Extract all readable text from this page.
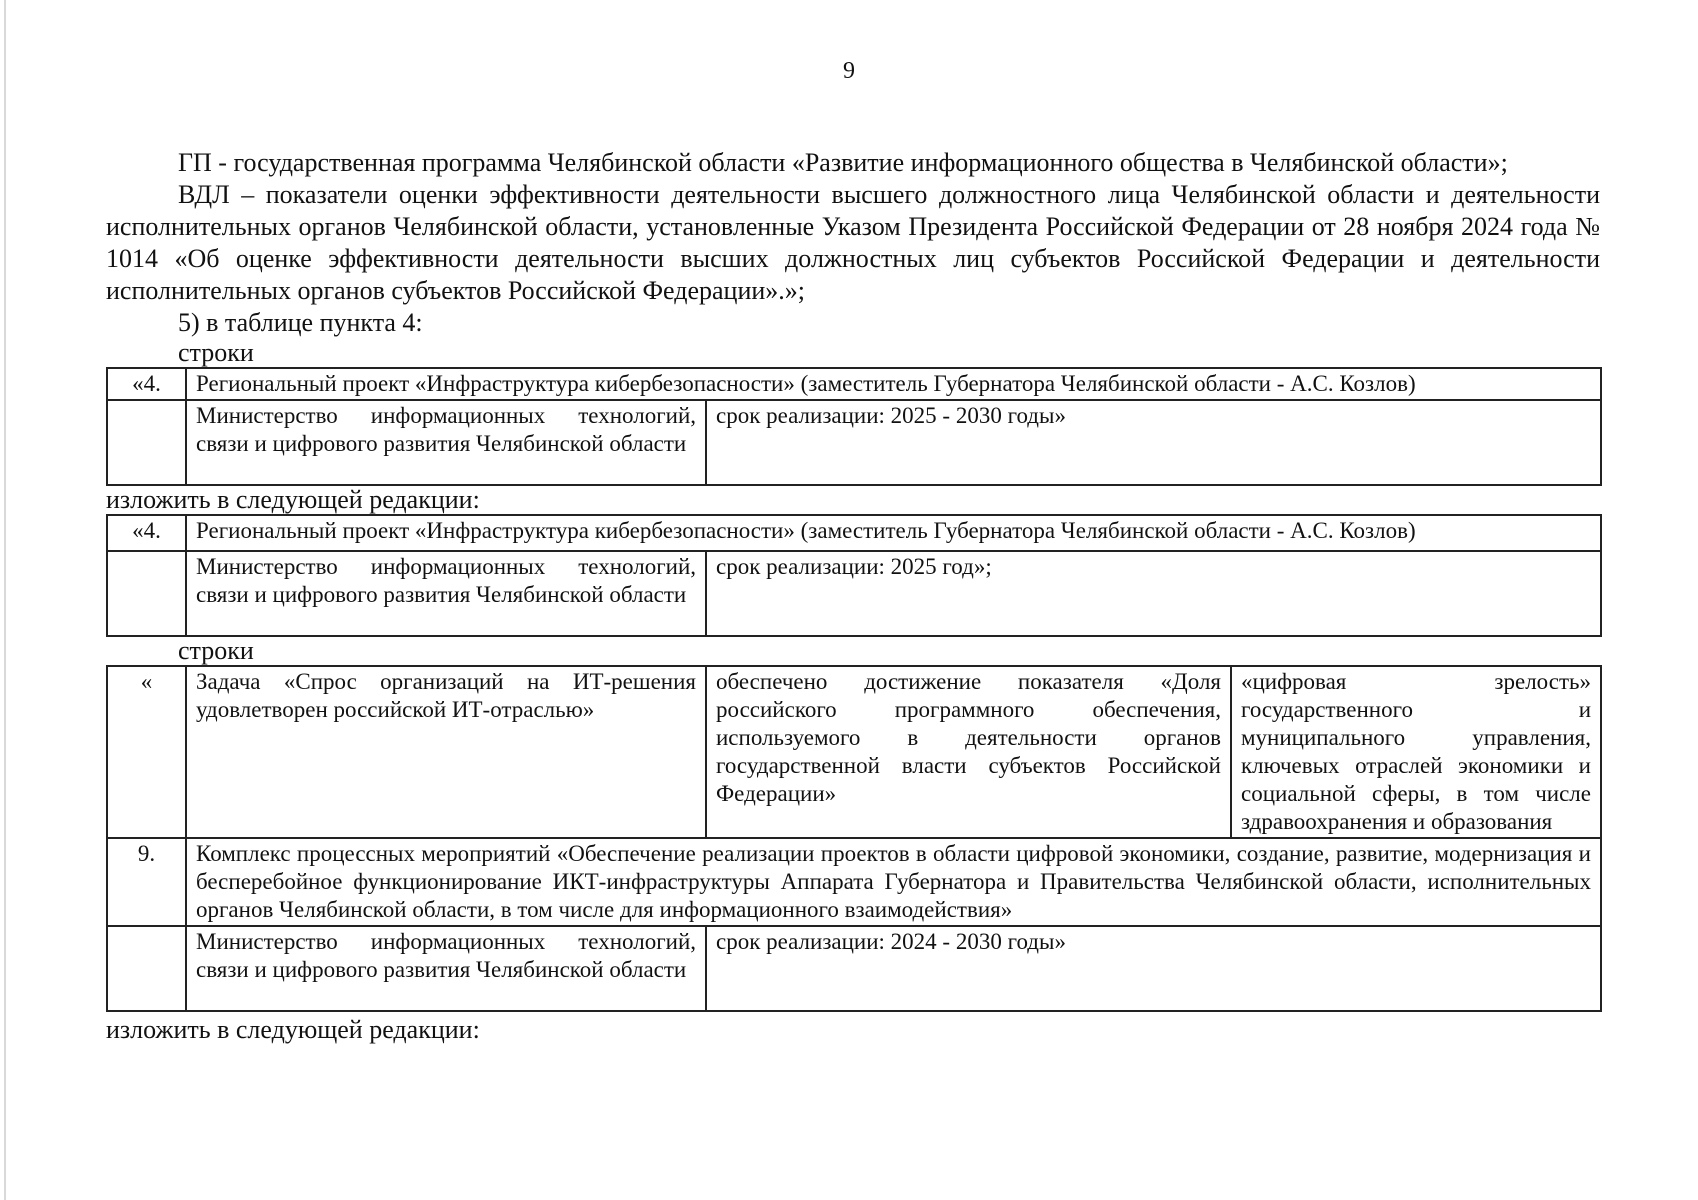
9

ГП - государственная программа Челябинской области «Развитие информационного общества в Челябинской области»;

ВДЛ – показатели оценки эффективности деятельности высшего должностного лица Челябинской области и деятельности исполнительных органов Челябинской области, установленные Указом Президента Российской Федерации от 28 ноября 2024 года № 1014 «Об оценке эффективности деятельности высших должностных лиц субъектов Российской Федерации и деятельности исполнительных органов субъектов Российской Федерации».»;

5) в таблице пункта 4:

строки
«4.	Региональный проект «Инфраструктура кибербезопасности» (заместитель Губернатора Челябинской области - А.С. Козлов)	
	Министерство информационных технологий, связи и цифрового развития Челябинской области	срок реализации: 2025 - 2030 годы»
изложить в следующей редакции:
«4.	Региональный проект «Инфраструктура кибербезопасности» (заместитель Губернатора Челябинской области - А.С. Козлов)	
	Министерство информационных технологий, связи и цифрового развития Челябинской области	срок реализации: 2025 год»;
строки
«	Задача «Спрос организаций на ИТ-решения удовлетворен российской ИТ-отраслью»	обеспечено достижение показателя «Доля российского программного обеспечения, используемого в деятельности органов государственной власти субъектов Российской Федерации»	«цифровая зрелость» государственного и муниципального управления, ключевых отраслей экономики и социальной сферы, в том числе здравоохранения и образования
9.	Комплекс процессных мероприятий «Обеспечение реализации проектов в области цифровой экономики, создание, развитие, модернизация и бесперебойное функционирование ИКТ-инфраструктуры Аппарата Губернатора и Правительства Челябинской области, исполнительных органов Челябинской области, в том числе для информационного взаимодействия»		
	Министерство информационных технологий, связи и цифрового развития Челябинской области	срок реализации: 2024 - 2030 годы»	
изложить в следующей редакции:
